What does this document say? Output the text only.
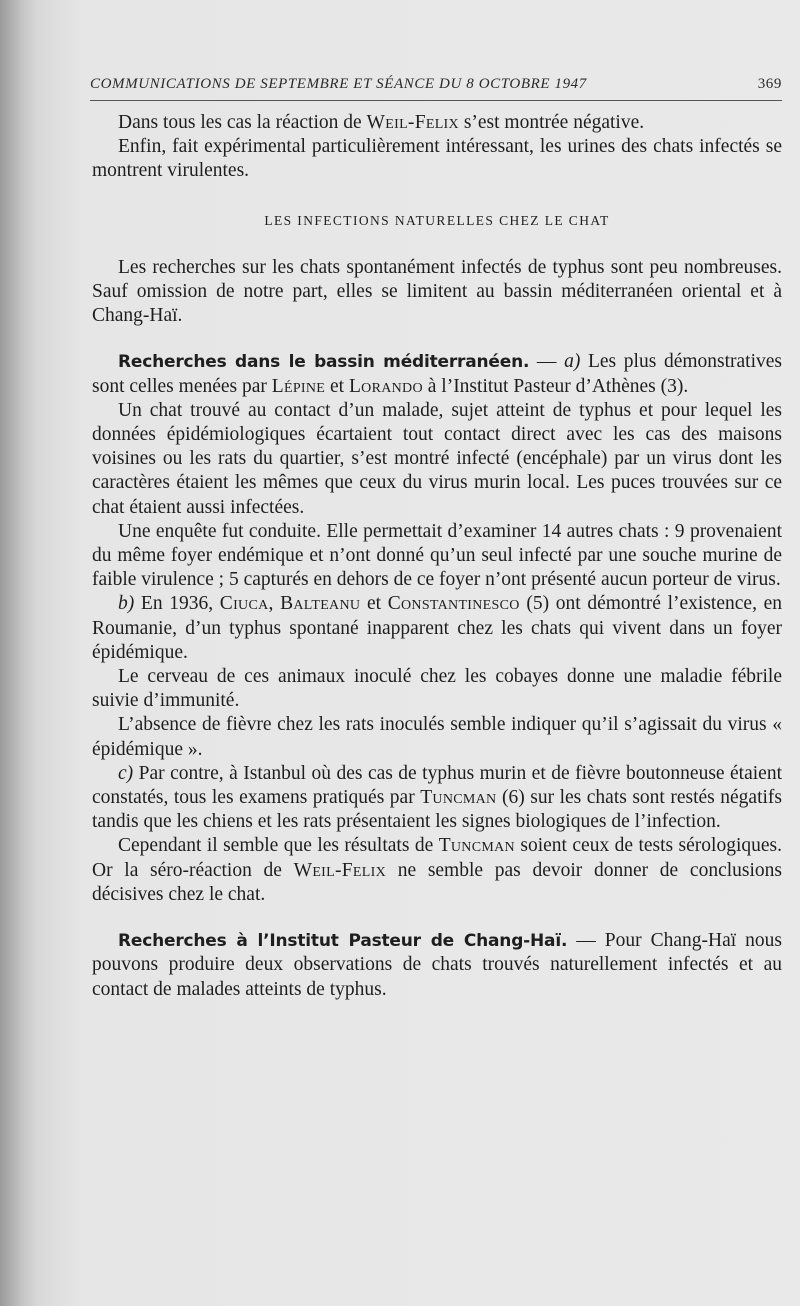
COMMUNICATIONS DE SEPTEMBRE ET SÉANCE DU 8 OCTOBRE 1947	369

Dans tous les cas la réaction de Weil-Felix s’est montrée négative.

Enfin, fait expérimental particulièrement intéressant, les urines des chats infectés se montrent virulentes.

LES INFECTIONS NATURELLES CHEZ LE CHAT

Les recherches sur les chats spontanément infectés de typhus sont peu nombreuses. Sauf omission de notre part, elles se limitent au bassin méditerranéen oriental et à Chang-Haï.

Recherches dans le bassin méditerranéen. — a) Les plus démonstratives sont celles menées par Lépine et Lorando à l’Institut Pasteur d’Athènes (3).

Un chat trouvé au contact d’un malade, sujet atteint de typhus et pour lequel les données épidémiologiques écartaient tout contact direct avec les cas des maisons voisines ou les rats du quartier, s’est montré infecté (encéphale) par un virus dont les caractères étaient les mêmes que ceux du virus murin local. Les puces trouvées sur ce chat étaient aussi infectées.

Une enquête fut conduite. Elle permettait d’examiner 14 autres chats : 9 provenaient du même foyer endémique et n’ont donné qu’un seul infecté par une souche murine de faible virulence ; 5 capturés en dehors de ce foyer n’ont présenté aucun porteur de virus.

b) En 1936, Ciuca, Balteanu et Constantinesco (5) ont démontré l’existence, en Roumanie, d’un typhus spontané inapparent chez les chats qui vivent dans un foyer épidémique.

Le cerveau de ces animaux inoculé chez les cobayes donne une maladie fébrile suivie d’immunité.

L’absence de fièvre chez les rats inoculés semble indiquer qu’il s’agissait du virus « épidémique ».

c) Par contre, à Istanbul où des cas de typhus murin et de fièvre boutonneuse étaient constatés, tous les examens pratiqués par Tuncman (6) sur les chats sont restés négatifs tandis que les chiens et les rats présentaient les signes biologiques de l’infection.

Cependant il semble que les résultats de Tuncman soient ceux de tests sérologiques. Or la séro-réaction de Weil-Felix ne semble pas devoir donner de conclusions décisives chez le chat.

Recherches à l’Institut Pasteur de Chang-Haï. — Pour Chang-Haï nous pouvons produire deux observations de chats trouvés naturellement infectés et au contact de malades atteints de typhus.
